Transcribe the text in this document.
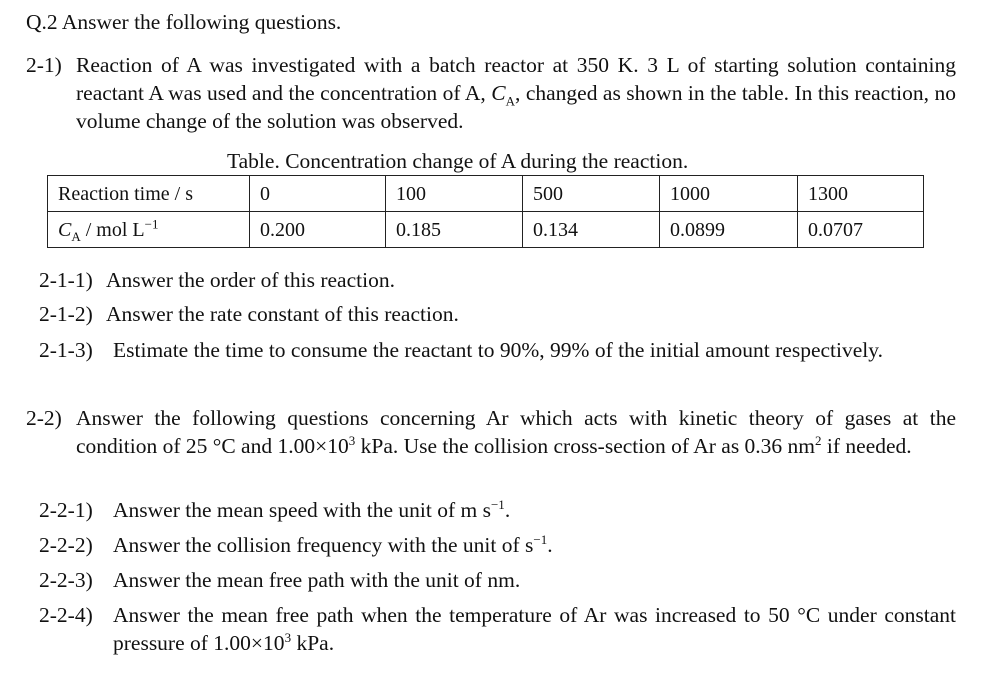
Q.2 Answer the following questions.
2-1) Reaction of A was investigated with a batch reactor at 350 K. 3 L of starting solution containing reactant A was used and the concentration of A, $C_A$, changed as shown in the table. In this reaction, no volume change of the solution was observed.
Table. Concentration change of A during the reaction.
Reaction time / s	0	100	500	1000	1300
$C_A$ / mol $L^{-1}$	0.200	0.185	0.134	0.0899	0.0707
2-1-1) Answer the order of this reaction.
2-1-2) Answer the rate constant of this reaction.
2-1-3) Estimate the time to consume the reactant to 90%, 99% of the initial amount respectively.
2-2) Answer the following questions concerning Ar which acts with kinetic theory of gases at the condition of 25 °C and $1.00\times 10^3$ kPa. Use the collision cross-section of Ar as 0.36 $nm^2$ if needed.
2-2-1) Answer the mean speed with the unit of m $s^{-1}$.
2-2-2) Answer the collision frequency with the unit of $s^{-1}$.
2-2-3) Answer the mean free path with the unit of nm.
2-2-4) Answer the mean free path when the temperature of Ar was increased to 50 °C under constant pressure of $1.00\times 10^3$ kPa.
